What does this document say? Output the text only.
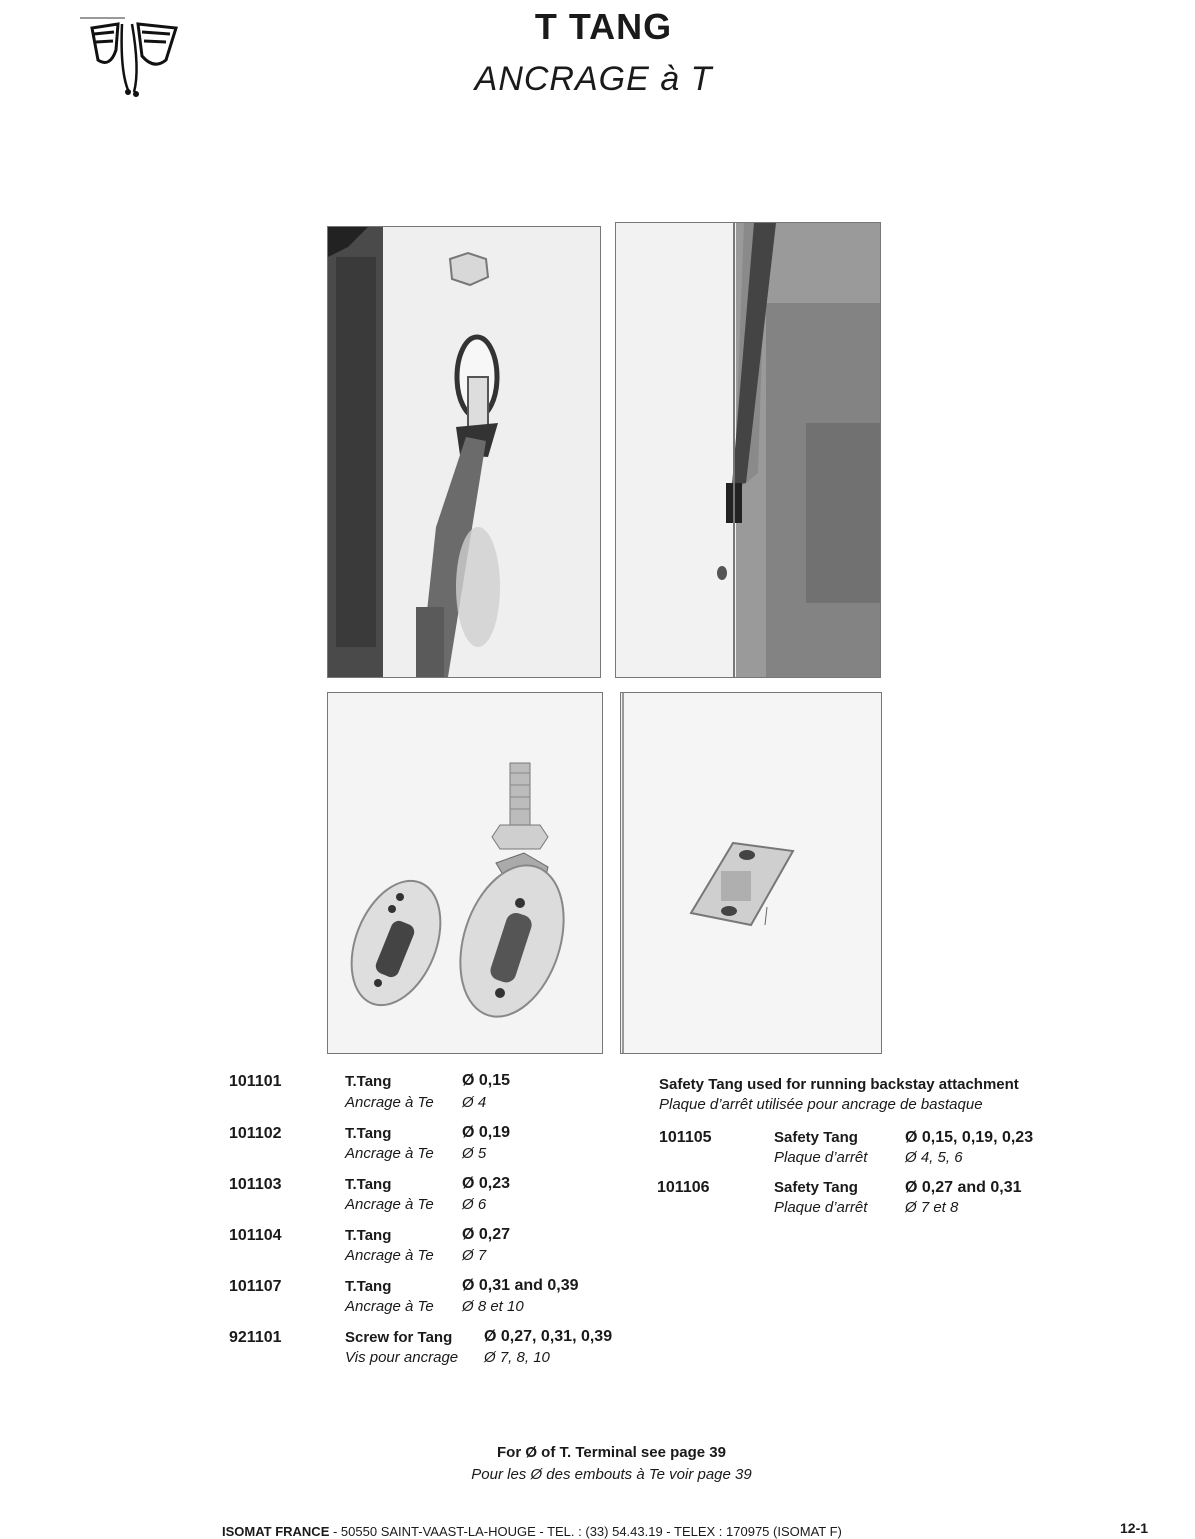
T TANG
ANCRAGE à T
101101	T.Tang	Ø 0,15
Ancrage à Te Ø 4
101102	T.Tang	Ø 0,19
Ancrage à Te Ø 5
101103	T.Tang	Ø 0,23
Ancrage à Te Ø 6
101104	T.Tang	Ø 0,27
Ancrage à Te Ø 7
101107	T.Tang	Ø 0,31 and 0,39
Ancrage à Te Ø 8 et 10
921101	Screw for Tang Ø 0,27, 0,31, 0,39
Vis pour ancrage Ø 7, 8, 10
Safety Tang used for running backstay attachment
Plaque d’arrêt utilisée pour ancrage de bastaque
101105	Safety Tang	Ø 0,15, 0,19, 0,23
Plaque d’arrêt	Ø 4, 5, 6
101106	Safety Tang	Ø 0,27 and 0,31
Plaque d’arrêt	Ø 7 et 8
For Ø of T. Terminal see page 39
Pour les Ø des embouts à Te voir page 39
ISOMAT FRANCE - 50550 SAINT-VAAST-LA-HOUGE - TEL. : (33) 54.43.19 - TELEX : 170975 (ISOMAT F)	12-1
